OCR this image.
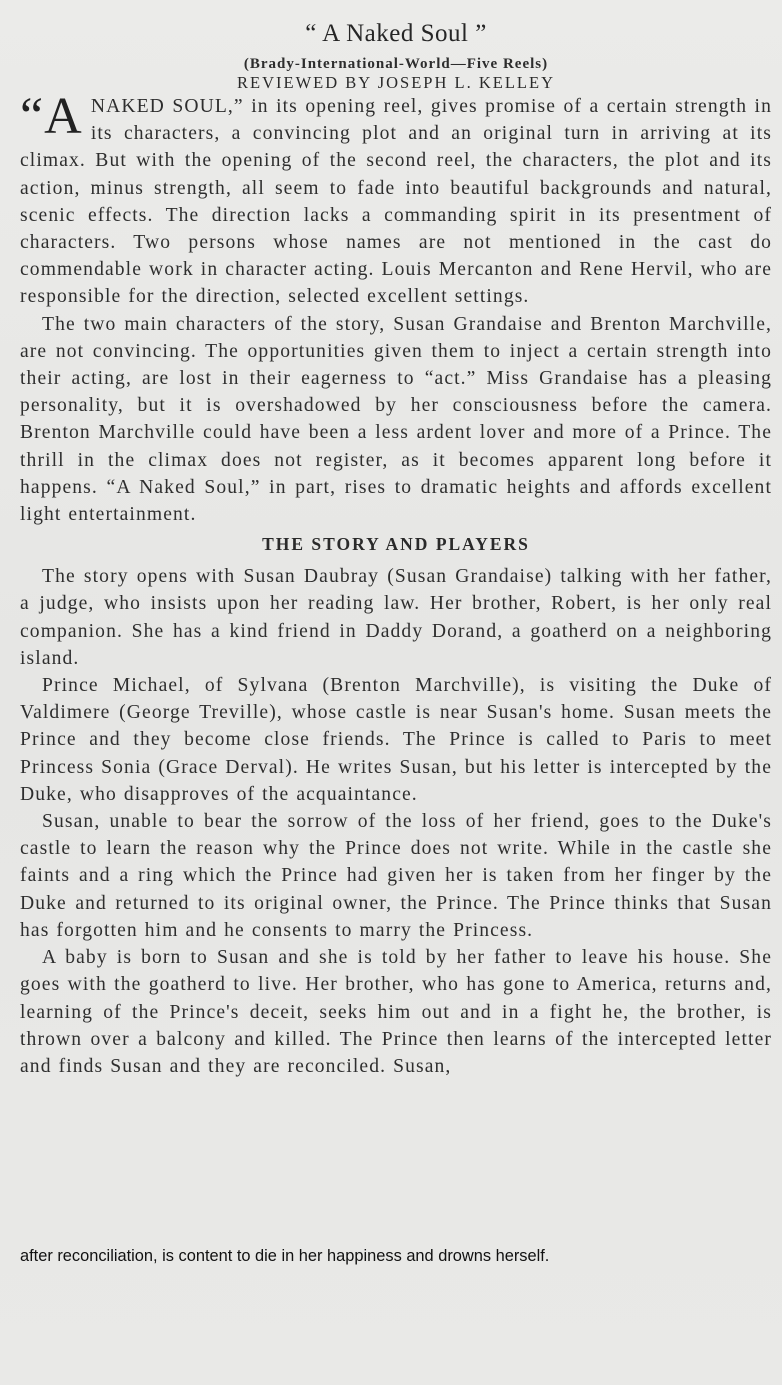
“ A Naked Soul ”
(Brady-International-World—Five Reels)
REVIEWED BY JOSEPH L. KELLEY

“ANAKED SOUL,” in its opening reel, gives promise of a certain strength in its characters, a convincing plot and an original turn in arriving at its climax. But with the opening of the second reel, the characters, the plot and its action, minus strength, all seem to fade into beautiful backgrounds and natural, scenic effects. The direction lacks a commanding spirit in its presentment of characters. Two persons whose names are not mentioned in the cast do commendable work in character acting. Louis Mercanton and Rene Hervil, who are responsible for the direction, selected excellent settings.

The two main characters of the story, Susan Grandaise and Brenton Marchville, are not convincing. The opportunities given them to inject a certain strength into their acting, are lost in their eagerness to “act.” Miss Grandaise has a pleasing personality, but it is overshadowed by her consciousness before the camera. Brenton Marchville could have been a less ardent lover and more of a Prince. The thrill in the climax does not register, as it becomes apparent long before it happens. “A Naked Soul,” in part, rises to dramatic heights and affords excellent light entertainment.

THE STORY AND PLAYERS

The story opens with Susan Daubray (Susan Grandaise) talking with her father, a judge, who insists upon her reading law. Her brother, Robert, is her only real companion. She has a kind friend in Daddy Dorand, a goatherd on a neighboring island.

Prince Michael, of Sylvana (Brenton Marchville), is visiting the Duke of Valdimere (George Treville), whose castle is near Susan's home. Susan meets the Prince and they become close friends. The Prince is called to Paris to meet Princess Sonia (Grace Derval). He writes Susan, but his letter is intercepted by the Duke, who disapproves of the acquaintance.

Susan, unable to bear the sorrow of the loss of her friend, goes to the Duke's castle to learn the reason why the Prince does not write. While in the castle she faints and a ring which the Prince had given her is taken from her finger by the Duke and returned to its original owner, the Prince. The Prince thinks that Susan has forgotten him and he consents to marry the Princess.

A baby is born to Susan and she is told by her father to leave his house. She goes with the goatherd to live. Her brother, who has gone to America, returns and, learning of the Prince's deceit, seeks him out and in a fight he, the brother, is thrown over a balcony and killed. The Prince then learns of the intercepted letter and finds Susan and they are reconciled. Susan,

after reconciliation, is content to die in her happiness and drowns herself.
